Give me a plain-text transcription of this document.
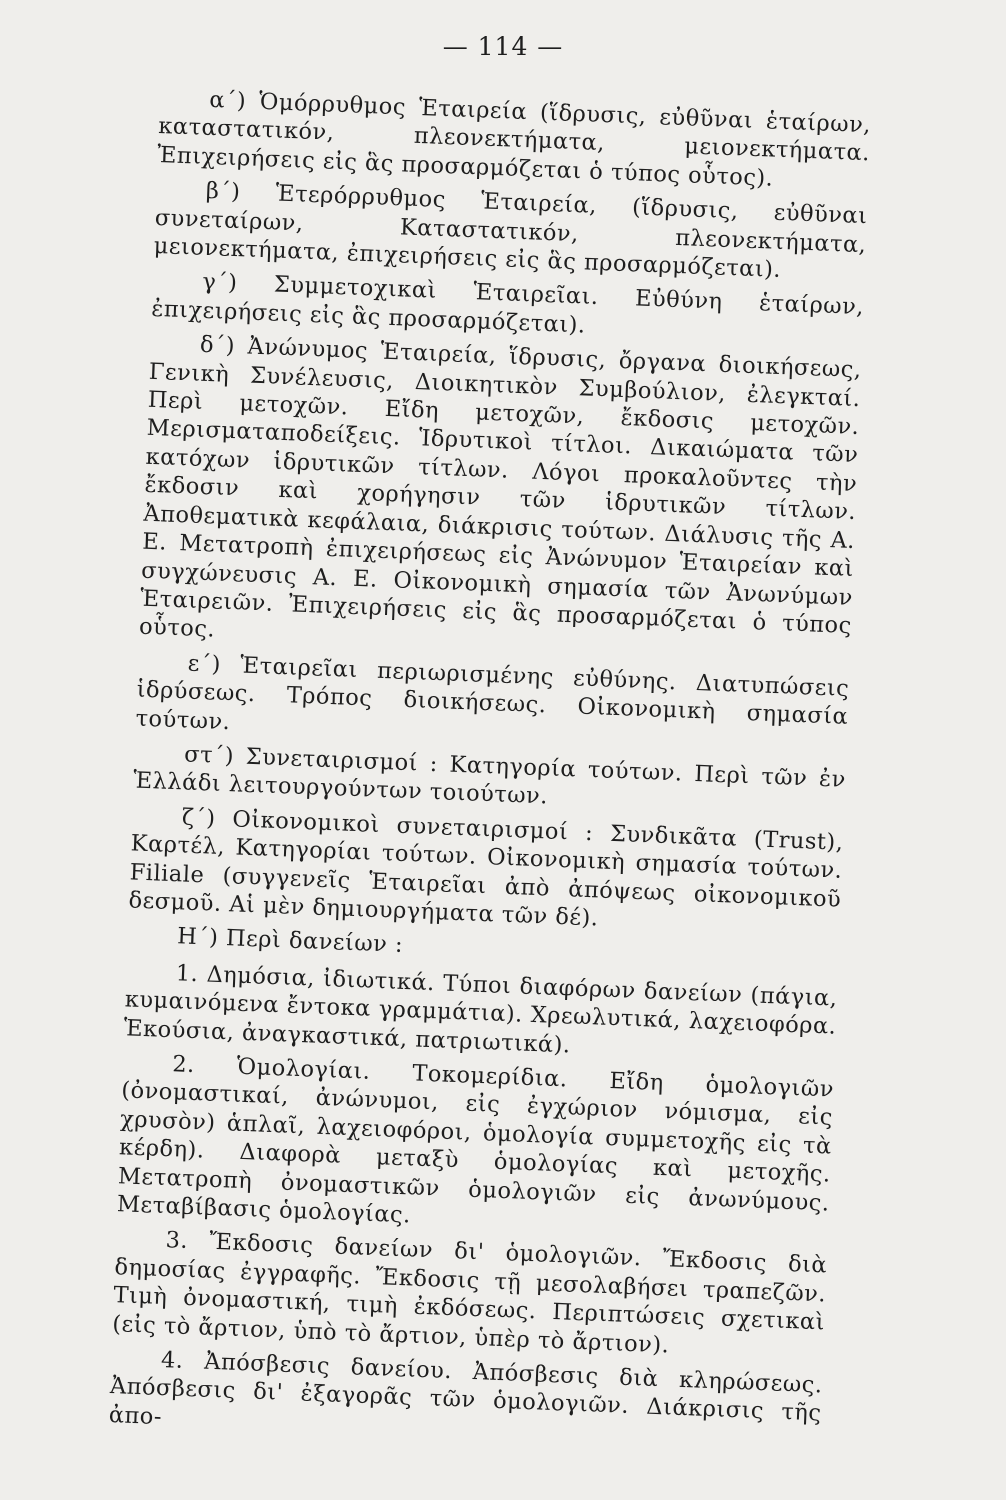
— 114 —

α΄) Ὁμόρρυθμος Ἑταιρεία (ἵδρυσις, εὐθῦναι ἑταίρων, καταστατικόν, πλεονεκτήματα, μειονεκτήματα. Ἐπιχειρήσεις εἰς ἃς προσαρμόζεται ὁ τύπος οὗτος).

β΄) Ἑτερόρρυθμος Ἑταιρεία, (ἵδρυσις, εὐθῦναι συνεταίρων, Καταστατικόν, πλεονεκτήματα, μειονεκτήματα, ἐπιχειρήσεις εἰς ἃς προσαρμόζεται).

γ΄) Συμμετοχικαὶ Ἑταιρεῖαι. Εὐθύνη ἑταίρων, ἐπιχειρήσεις εἰς ἃς προσαρμόζεται).

δ΄) Ἀνώνυμος Ἑταιρεία, ἵδρυσις, ὄργανα διοικήσεως, Γενικὴ Συνέλευσις, Διοικητικὸν Συμβούλιον, ἐλεγκταί. Περὶ μετοχῶν. Εἴδη μετοχῶν, ἔκδοσις μετοχῶν. Μερισματαποδείξεις. Ἱδρυτικοὶ τίτλοι. Δικαιώματα τῶν κατόχων ἱδρυτικῶν τίτλων. Λόγοι προκαλοῦντες τὴν ἔκδοσιν καὶ χορήγησιν τῶν ἱδρυτικῶν τίτλων. Ἀποθεματικὰ κεφάλαια, διάκρισις τούτων. Διάλυσις τῆς Α. Ε. Μετατροπὴ ἐπιχειρήσεως εἰς Ἀνώνυμον Ἑταιρείαν καὶ συγχώνευσις Α. Ε. Οἰκονομικὴ σημασία τῶν Ἀνωνύμων Ἑταιρειῶν. Ἐπιχειρήσεις εἰς ἃς προσαρμόζεται ὁ τύπος οὗτος.

ε΄) Ἑταιρεῖαι περιωρισμένης εὐθύνης. Διατυπώσεις ἱδρύσεως. Τρόπος διοικήσεως. Οἰκονομικὴ σημασία τούτων.

στ΄) Συνεταιρισμοί : Κατηγορία τούτων. Περὶ τῶν ἐν Ἑλλάδι λειτουργούντων τοιούτων.

ζ΄) Οἰκονομικοὶ συνεταιρισμοί : Συνδικᾶτα (Trust), Καρτέλ, Κατηγορίαι τούτων. Οἰκονομικὴ σημασία τούτων. Filiale (συγγενεῖς Ἑταιρεῖαι ἀπὸ ἀπόψεως οἰκονομικοῦ δεσμοῦ. Αἱ μὲν δημιουργήματα τῶν δέ).

Η΄) Περὶ δανείων :

1. Δημόσια, ἰδιωτικά. Τύποι διαφόρων δανείων (πάγια, κυμαινόμενα ἔντοκα γραμμάτια). Χρεωλυτικά, λαχειοφόρα. Ἑκούσια, ἀναγκαστικά, πατριωτικά).

2. Ὁμολογίαι. Τοκομερίδια. Εἴδη ὁμολογιῶν (ὀνομαστικαί, ἀνώνυμοι, εἰς ἐγχώριον νόμισμα, εἰς χρυσὸν) ἁπλαῖ, λαχειοφόροι, ὁμολογία συμμετοχῆς εἰς τὰ κέρδη). Διαφορὰ μεταξὺ ὁμολογίας καὶ μετοχῆς. Μετατροπὴ ὀνομαστικῶν ὁμολογιῶν εἰς ἀνωνύμους. Μεταβίβασις ὁμολογίας.

3. Ἔκδοσις δανείων δι' ὁμολογιῶν. Ἔκδοσις διὰ δημοσίας ἐγγραφῆς. Ἔκδοσις τῇ μεσολαβήσει τραπεζῶν. Τιμὴ ὀνομαστική, τιμὴ ἐκδόσεως. Περιπτώσεις σχετικαὶ (εἰς τὸ ἄρτιον, ὑπὸ τὸ ἄρτιον, ὑπὲρ τὸ ἄρτιον).

4. Ἀπόσβεσις δανείου. Ἀπόσβεσις διὰ κληρώσεως. Ἀπόσβεσις δι' ἐξαγορᾶς τῶν ὁμολογιῶν. Διάκρισις τῆς ἀπο-
